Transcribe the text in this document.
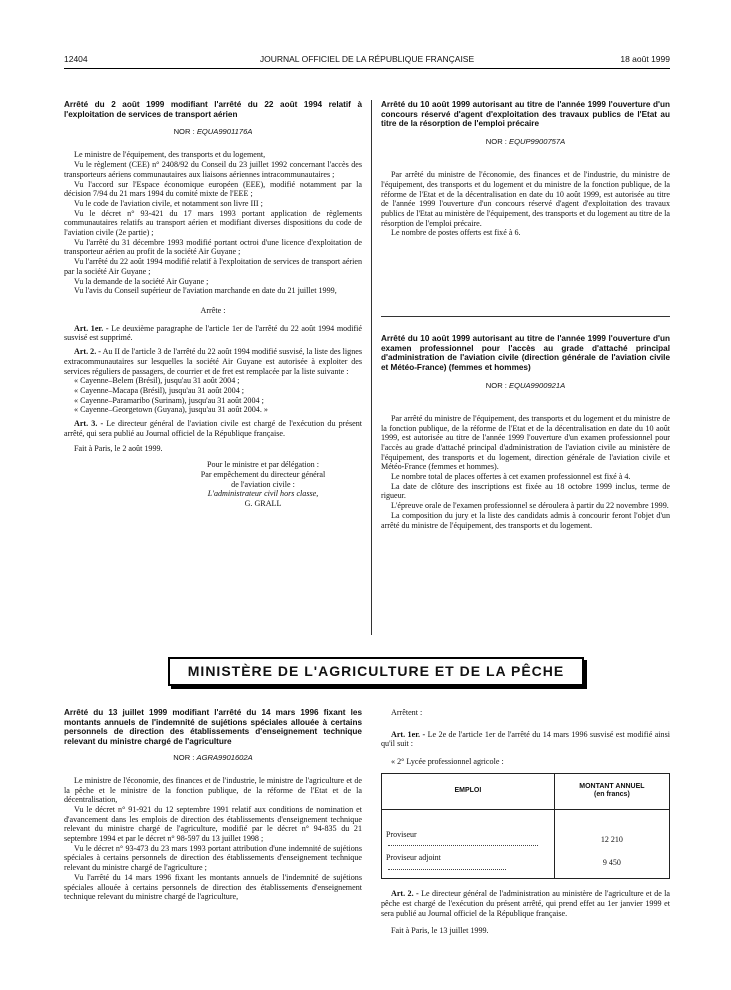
12404	JOURNAL OFFICIEL DE LA RÉPUBLIQUE FRANÇAISE	18 août 1999

Arrêté du 2 août 1999 modifiant l'arrêté du 22 août 1994 relatif à l'exploitation de services de transport aérien

NOR : EQUA9901176A

Le ministre de l'équipement, des transports et du logement,

Vu le règlement (CEE) n° 2408/92 du Conseil du 23 juillet 1992 concernant l'accès des transporteurs aériens communautaires aux liaisons aériennes intracommunautaires ;

Vu l'accord sur l'Espace économique européen (EEE), modifié notamment par la décision 7/94 du 21 mars 1994 du comité mixte de l'EEE ;

Vu le code de l'aviation civile, et notamment son livre III ;

Vu le décret n° 93-421 du 17 mars 1993 portant application de règlements communautaires relatifs au transport aérien et modifiant diverses dispositions du code de l'aviation civile (2e partie) ;

Vu l'arrêté du 31 décembre 1993 modifié portant octroi d'une licence d'exploitation de transporteur aérien au profit de la société Air Guyane ;

Vu l'arrêté du 22 août 1994 modifié relatif à l'exploitation de services de transport aérien par la société Air Guyane ;

Vu la demande de la société Air Guyane ;

Vu l'avis du Conseil supérieur de l'aviation marchande en date du 21 juillet 1999,

Arrête :

Art. 1er. - Le deuxième paragraphe de l'article 1er de l'arrêté du 22 août 1994 modifié susvisé est supprimé.

Art. 2. - Au II de l'article 3 de l'arrêté du 22 août 1994 modifié susvisé, la liste des lignes extracommunautaires sur lesquelles la société Air Guyane est autorisée à exploiter des services réguliers de passagers, de courrier et de fret est remplacée par la liste suivante :

« Cayenne–Belem (Brésil), jusqu'au 31 août 2004 ;

« Cayenne–Macapa (Brésil), jusqu'au 31 août 2004 ;

« Cayenne–Paramaribo (Surinam), jusqu'au 31 août 2004 ;

« Cayenne–Georgetown (Guyana), jusqu'au 31 août 2004. »

Art. 3. - Le directeur général de l'aviation civile est chargé de l'exécution du présent arrêté, qui sera publié au Journal officiel de la République française.

Fait à Paris, le 2 août 1999.

Pour le ministre et par délégation :

Par empêchement du directeur général

de l'aviation civile :

L'administrateur civil hors classe,

G. GRALL

Arrêté du 10 août 1999 autorisant au titre de l'année 1999 l'ouverture d'un concours réservé d'agent d'exploitation des travaux publics de l'Etat au titre de la résorption de l'emploi précaire

NOR : EQUP9900757A

Par arrêté du ministre de l'économie, des finances et de l'industrie, du ministre de l'équipement, des transports et du logement et du ministre de la fonction publique, de la réforme de l'Etat et de la décentralisation en date du 10 août 1999, est autorisée au titre de l'année 1999 l'ouverture d'un concours réservé d'agent d'exploitation des travaux publics de l'Etat au ministère de l'équipement, des transports et du logement au titre de la résorption de l'emploi précaire.

Le nombre de postes offerts est fixé à 6.

Arrêté du 10 août 1999 autorisant au titre de l'année 1999 l'ouverture d'un examen professionnel pour l'accès au grade d'attaché principal d'administration de l'aviation civile (direction générale de l'aviation civile et Météo-France) (femmes et hommes)

NOR : EQUA9900921A

Par arrêté du ministre de l'équipement, des transports et du logement et du ministre de la fonction publique, de la réforme de l'Etat et de la décentralisation en date du 10 août 1999, est autorisée au titre de l'année 1999 l'ouverture d'un examen professionnel pour l'accès au grade d'attaché principal d'administration de l'aviation civile au ministère de l'équipement, des transports et du logement, direction générale de l'aviation civile et Météo-France (femmes et hommes).

Le nombre total de places offertes à cet examen professionnel est fixé à 4.

La date de clôture des inscriptions est fixée au 18 octobre 1999 inclus, terme de rigueur.

L'épreuve orale de l'examen professionnel se déroulera à partir du 22 novembre 1999.

La composition du jury et la liste des candidats admis à concourir feront l'objet d'un arrêté du ministre de l'équipement, des transports et du logement.

MINISTÈRE DE L'AGRICULTURE ET DE LA PÊCHE

Arrêté du 13 juillet 1999 modifiant l'arrêté du 14 mars 1996 fixant les montants annuels de l'indemnité de sujétions spéciales allouée à certains personnels de direction des établissements d'enseignement technique relevant du ministre chargé de l'agriculture

NOR : AGRA9901602A

Le ministre de l'économie, des finances et de l'industrie, le ministre de l'agriculture et de la pêche et le ministre de la fonction publique, de la réforme de l'Etat et de la décentralisation,

Vu le décret n° 91-921 du 12 septembre 1991 relatif aux conditions de nomination et d'avancement dans les emplois de direction des établissements d'enseignement technique relevant du ministre chargé de l'agriculture, modifié par le décret n° 94-835 du 21 septembre 1994 et par le décret n° 98-597 du 13 juillet 1998 ;

Vu le décret n° 93-473 du 23 mars 1993 portant attribution d'une indemnité de sujétions spéciales à certains personnels de direction des établissements d'enseignement technique relevant du ministre chargé de l'agriculture ;

Vu l'arrêté du 14 mars 1996 fixant les montants annuels de l'indemnité de sujétions spéciales allouée à certains personnels de direction des établissements d'enseignement technique relevant du ministre chargé de l'agriculture,

Arrêtent :

Art. 1er. - Le 2e de l'article 1er de l'arrêté du 14 mars 1996 susvisé est modifié ainsi qu'il suit :

« 2° Lycée professionnel agricole :

EMPLOI	MONTANT ANNUEL
(en francs)
Proviseur	12 210
Proviseur adjoint	9 450

Art. 2. - Le directeur général de l'administration au ministère de l'agriculture et de la pêche est chargé de l'exécution du présent arrêté, qui prend effet au 1er janvier 1999 et sera publié au Journal officiel de la République française.

Fait à Paris, le 13 juillet 1999.
